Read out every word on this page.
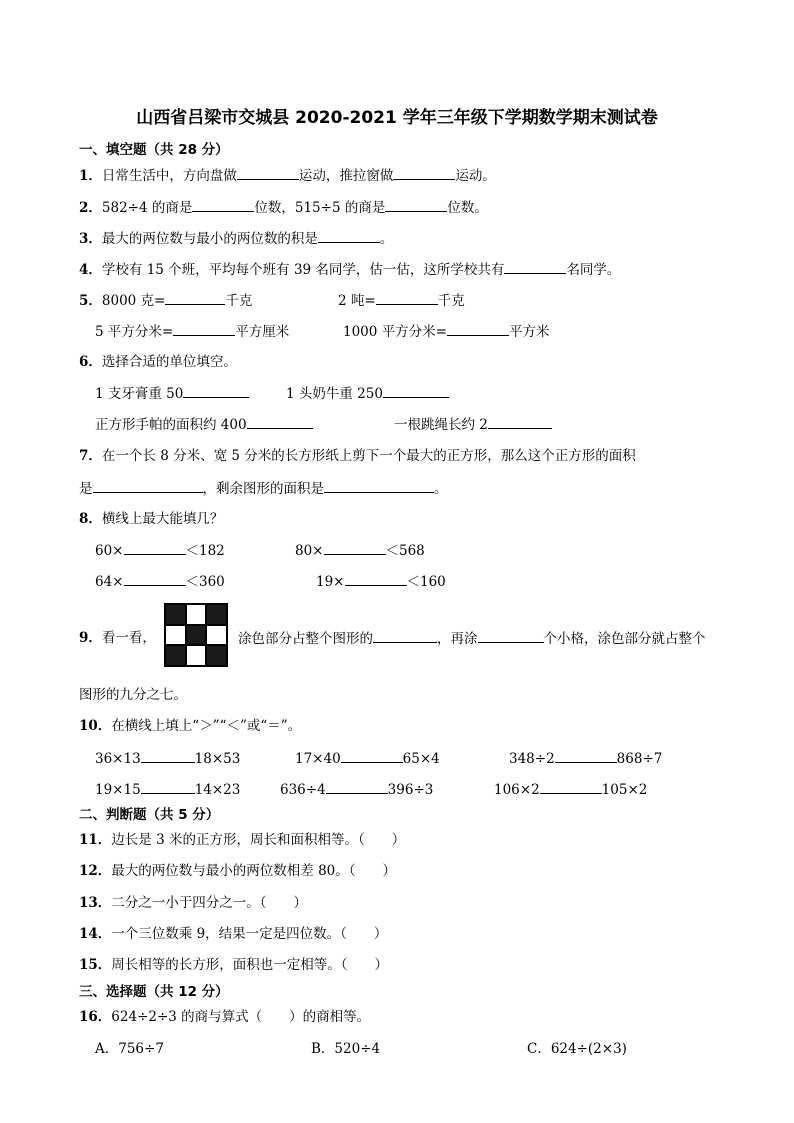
山西省吕梁市交城县 2020-2021 学年三年级下学期数学期末测试卷
一、填空题（共 28 分）
1．日常生活中，方向盘做	运动，推拉窗做	运动。
2．582÷4 的商是	位数，515÷5 的商是	位数。
3．最大的两位数与最小的两位数的积是	。
4．学校有 15 个班，平均每个班有 39 名同学，估一估，这所学校共有	名同学。
5．8000 克=	千克	2 吨=	千克
5 平方分米=	平方厘米	1000 平方分米=	平方米
6．选择合适的单位填空。
1 支牙膏重 50	1 头奶牛重 250
正方形手帕的面积约 400	一根跳绳长约 2
7．在一个长 8 分米、宽 5 分米的长方形纸上剪下一个最大的正方形，那么这个正方形的面积
是	，剩余图形的面积是	。
8．横线上最大能填几？
60×	＜182	80×	＜568
64×	＜360	19×	＜160
9．看一看，	涂色部分占整个图形的	，再涂	个小格，涂色部分就占整个
图形的九分之七。
10．在横线上填上“＞”“＜”或“＝”。
36×13	18×53	17×40	65×4	348÷2	868÷7
19×15	14×23	636÷4	396÷3	106×2	105×2
二、判断题（共 5 分）
11．边长是 3 米的正方形，周长和面积相等。（　　）
12．最大的两位数与最小的两位数相差 80。（　　）
13．二分之一小于四分之一。（　　）
14．一个三位数乘 9，结果一定是四位数。（　　）
15．周长相等的长方形，面积也一定相等。（　　）
三、选择题（共 12 分）
16．624÷2÷3 的商与算式（　　）的商相等。
A．756÷7	B．520÷4	C．624÷(2×3)
